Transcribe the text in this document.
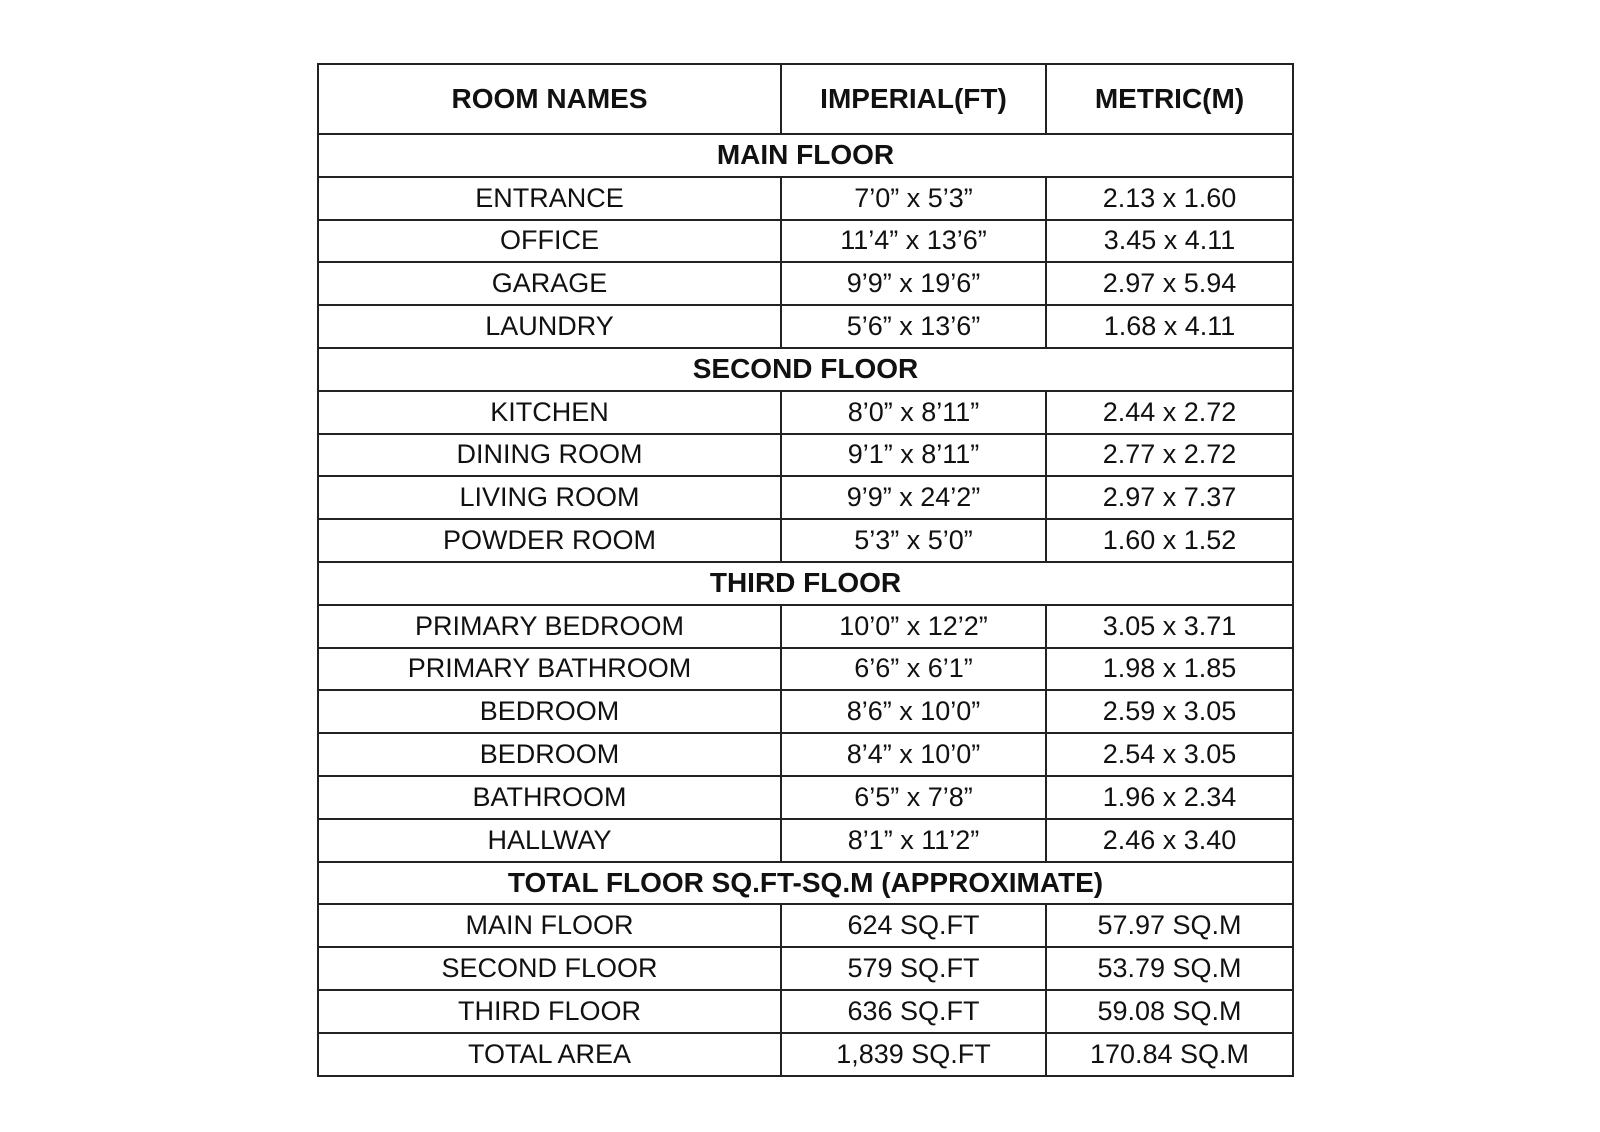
ROOM NAMES	IMPERIAL(FT)	METRIC(M)
MAIN FLOOR		
ENTRANCE	7’0” x 5’3”	2.13 x 1.60
OFFICE	11’4” x 13’6”	3.45 x 4.11
GARAGE	9’9” x 19’6”	2.97 x 5.94
LAUNDRY	5’6” x 13’6”	1.68 x 4.11
SECOND FLOOR		
KITCHEN	8’0” x 8’11”	2.44 x 2.72
DINING ROOM	9’1” x 8’11”	2.77 x 2.72
LIVING ROOM	9’9” x 24’2”	2.97 x 7.37
POWDER ROOM	5’3” x 5’0”	1.60 x 1.52
THIRD FLOOR		
PRIMARY BEDROOM	10’0” x 12’2”	3.05 x 3.71
PRIMARY BATHROOM	6’6” x 6’1”	1.98 x 1.85
BEDROOM	8’6” x 10’0”	2.59 x 3.05
BEDROOM	8’4” x 10’0”	2.54 x 3.05
BATHROOM	6’5” x 7’8”	1.96 x 2.34
HALLWAY	8’1” x 11’2”	2.46 x 3.40
TOTAL FLOOR SQ.FT-SQ.M (APPROXIMATE)		
MAIN FLOOR	624 SQ.FT	57.97 SQ.M
SECOND FLOOR	579 SQ.FT	53.79 SQ.M
THIRD FLOOR	636 SQ.FT	59.08 SQ.M
TOTAL AREA	1,839 SQ.FT	170.84 SQ.M
